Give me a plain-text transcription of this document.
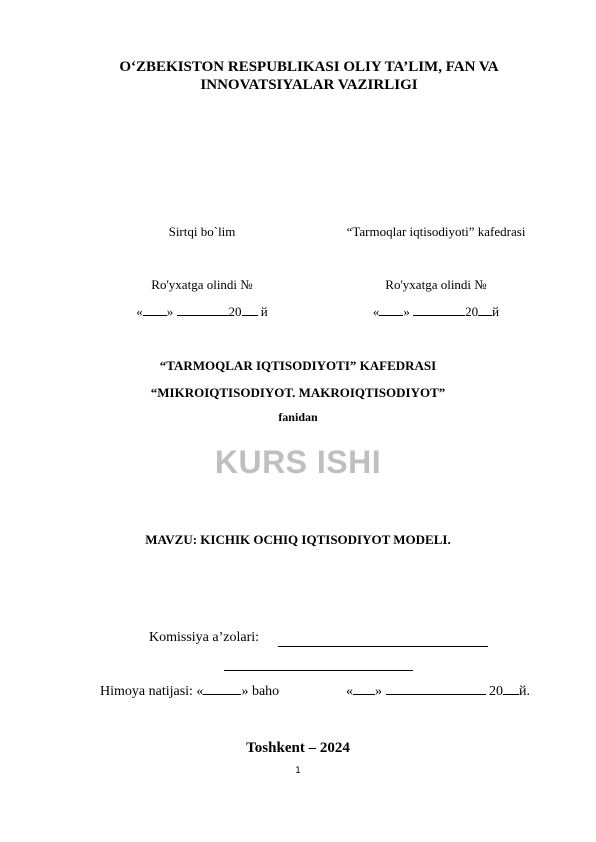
O‘ZBEKISTON RESPUBLIKASI OLIY TA’LIM, FAN VA
INNOVATSIYALAR VAZIRLIGI
Sirtqi bo`lim
Ro'yxatga olindi №
« »	20 й
“Tarmoqlar iqtisodiyoti” kafedrasi
Ro'yxatga olindi №
« »	20 й
“TARMOQLAR IQTISODIYOTI” KAFEDRASI
“MIKROIQTISODIYOT. MAKROIQTISODIYOT”
fanidan
KURS ISHI
MAVZU: KICHIK OCHIQ IQTISODIYOT MODELI.
Komissiya a’zolari:
Himoya natijasi: «	» baho	« »	20 й.
Toshkent – 2024
1
